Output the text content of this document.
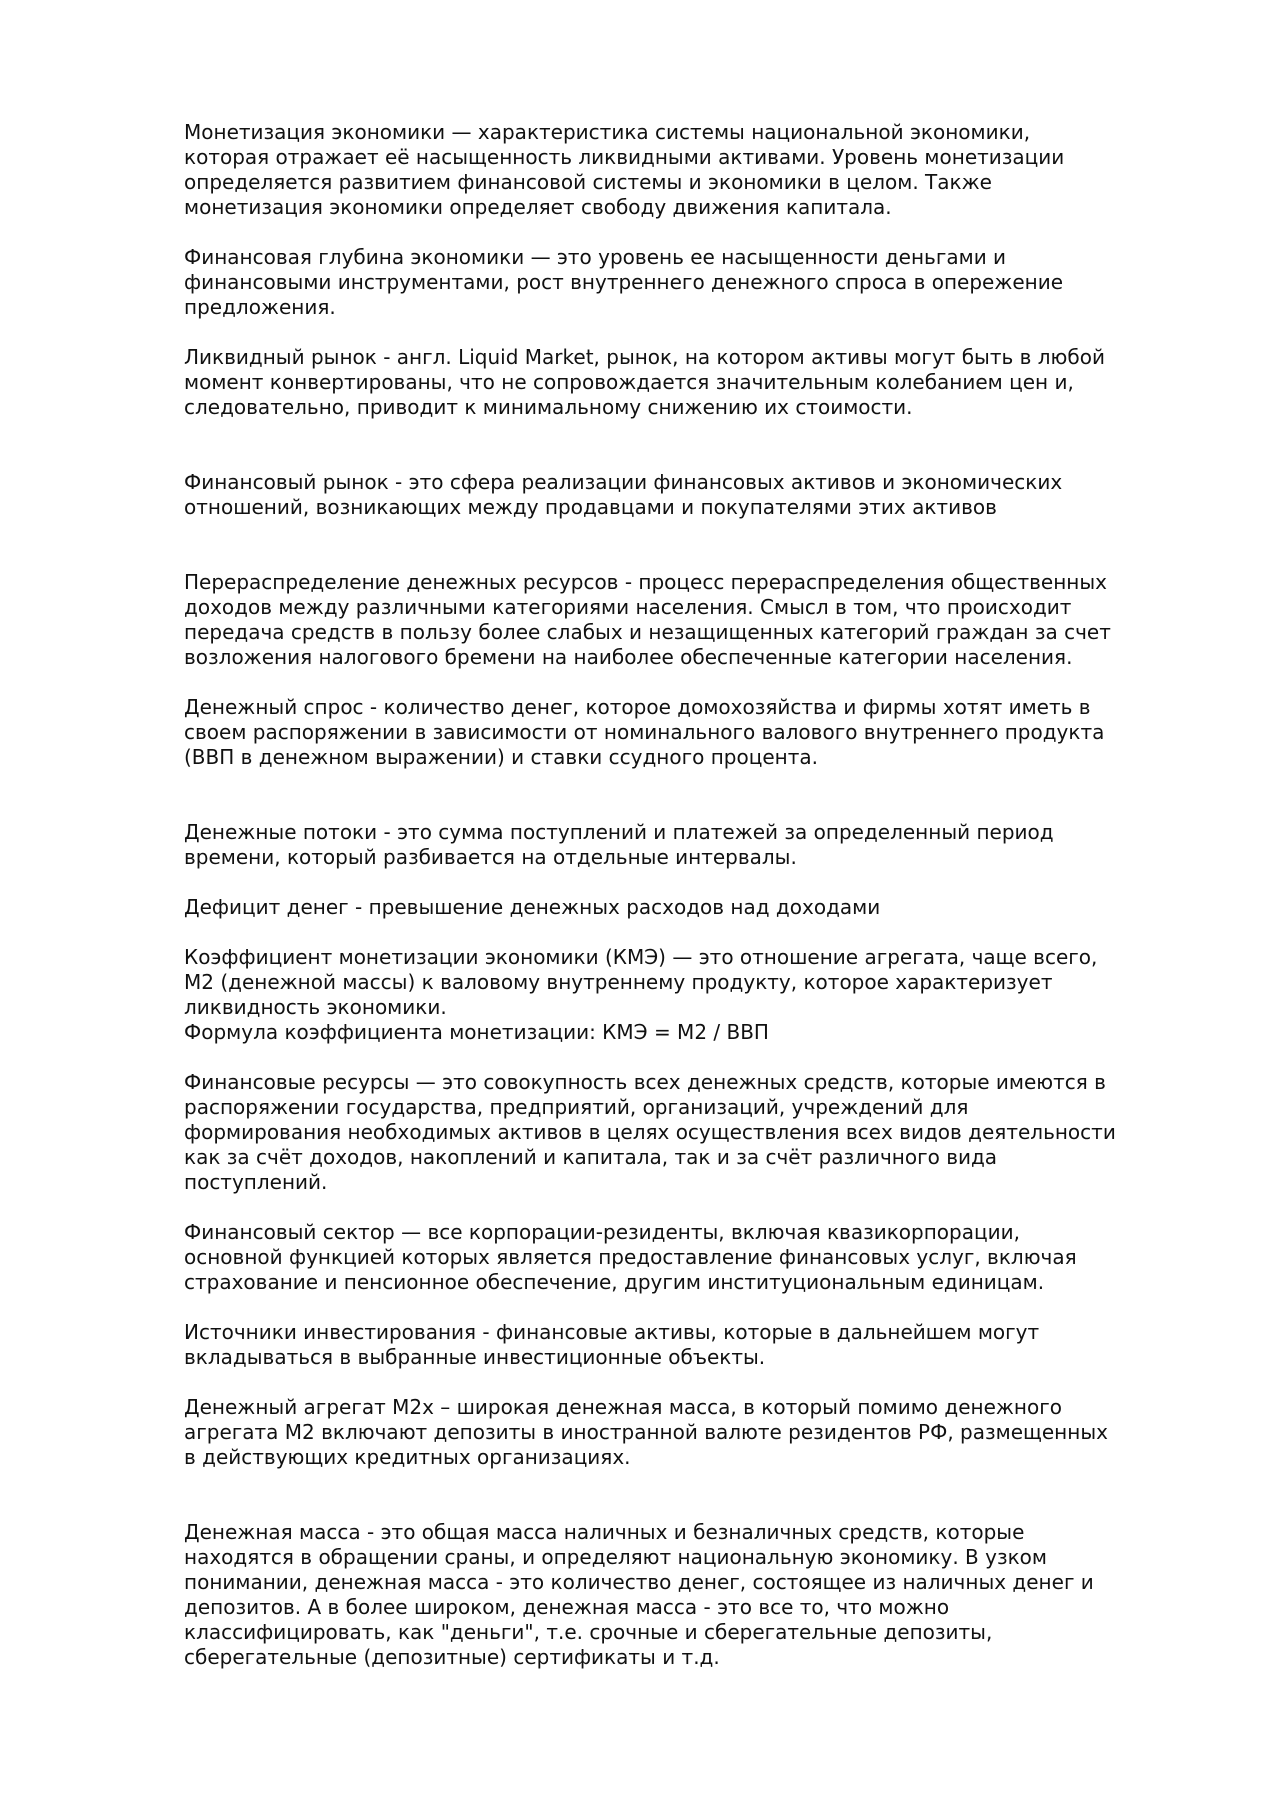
Монетизация экономики — характеристика системы национальной экономики,
которая отражает её насыщенность ликвидными активами. Уровень монетизации
определяется развитием финансовой системы и экономики в целом. Также
монетизация экономики определяет свободу движения капитала.

Финансовая глубина экономики — это уровень ее насыщенности деньгами и
финансовыми инструментами, рост внутреннего денежного спроса в опережение
предложения.

Ликвидный рынок - англ. Liquid Market, рынок, на котором активы могут быть в любой
момент конвертированы, что не сопровождается значительным колебанием цен и,
следовательно, приводит к минимальному снижению их стоимости.

Финансовый рынок - это сфера реализации финансовых активов и экономических
отношений, возникающих между продавцами и покупателями этих активов

Перераспределение денежных ресурсов - процесс перераспределения общественных
доходов между различными категориями населения. Смысл в том, что происходит
передача средств в пользу более слабых и незащищенных категорий граждан за счет
возложения налогового бремени на наиболее обеспеченные категории населения.

Денежный спрос - количество денег, которое домохозяйства и фирмы хотят иметь в
своем распоряжении в зависимости от номинального валового внутреннего продукта
(ВВП в денежном выражении) и ставки ссудного процента.

Денежные потоки - это сумма поступлений и платежей за определенный период
времени, который разбивается на отдельные интервалы.

Дефицит денег - превышение денежных расходов над доходами

Коэффициент монетизации экономики (КМЭ) — это отношение агрегата, чаще всего,
М2 (денежной массы) к валовому внутреннему продукту, которое характеризует
ликвидность экономики.
Формула коэффициента монетизации: КМЭ = М2 / ВВП

Финансовые ресурсы — это совокупность всех денежных средств, которые имеются в
распоряжении государства, предприятий, организаций, учреждений для
формирования необходимых активов в целях осуществления всех видов деятельности
как за счёт доходов, накоплений и капитала, так и за счёт различного вида
поступлений.

Финансовый сектор — все корпорации-резиденты, включая квазикорпорации,
основной функцией которых является предоставление финансовых услуг, включая
страхование и пенсионное обеспечение, другим институциональным единицам.

Источники инвестирования - финансовые активы, которые в дальнейшем могут
вкладываться в выбранные инвестиционные объекты.

Денежный агрегат М2х – широкая денежная масса, в который помимо денежного
агрегата М2 включают депозиты в иностранной валюте резидентов РФ, размещенных
в действующих кредитных организациях.

Денежная масса - это общая масса наличных и безналичных средств, которые
находятся в обращении сраны, и определяют национальную экономику. В узком
понимании, денежная масса - это количество денег, состоящее из наличных денег и
депозитов. А в более широком, денежная масса - это все то, что можно
классифицировать, как "деньги", т.е. срочные и сберегательные депозиты,
сберегательные (депозитные) сертификаты и т.д.
